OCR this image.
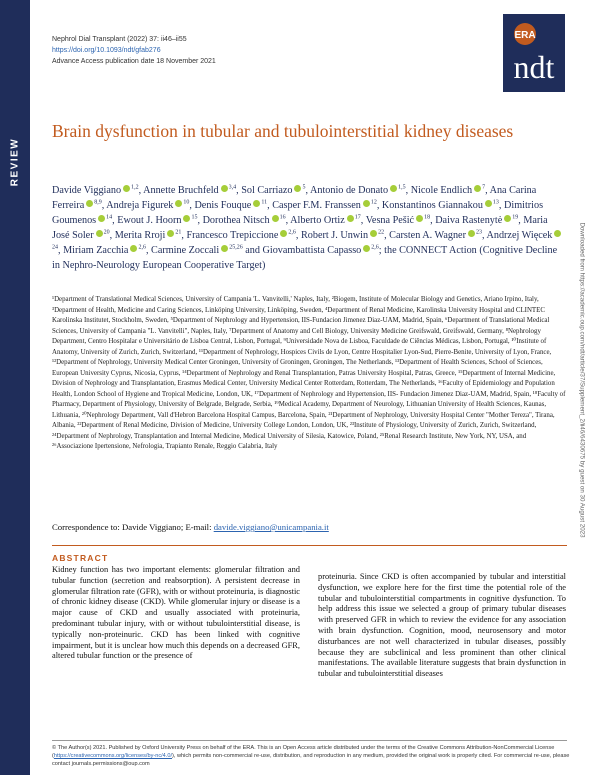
REVIEW
Nephrol Dial Transplant (2022) 37: ii46–ii55
https://doi.org/10.1093/ndt/gfab276
Advance Access publication date 18 November 2021
ERA
ndt
Brain dysfunction in tubular and tubulointerstitial kidney diseases
Davide Viggiano $^{1,2}$, Annette Bruchfeld $^{3,4}$, Sol Carriazo $^5$, Antonio de Donato $^{1,5}$, Nicole Endlich $^7$, Ana Carina Ferreira $^{8,9}$, Andreja Figurek $^{10}$, Denis Fouque $^{11}$, Casper F.M. Franssen $^{12}$, Konstantinos Giannakou $^{13}$, Dimitrios Goumenos $^{14}$, Ewout J. Hoorn $^{15}$, Dorothea Nitsch $^{16}$, Alberto Ortiz $^{17}$, Vesna Pešić $^{18}$, Daiva Rastenytė $^{19}$, Maria José Soler $^{20}$, Merita Rroji $^{21}$, Francesco Trepiccione $^{2,6}$, Robert J. Unwin $^{22}$, Carsten A. Wagner $^{23}$, Andrzej Więcek$^{24}$, Miriam Zacchia $^{2,6}$, Carmine Zoccali $^{25,26}$ and Giovambattista Capasso $^{2,6}$; the CONNECT Action (Cognitive Decline in Nephro-Neurology European Cooperative Target)
¹Department of Translational Medical Sciences, University of Campania 'L. Vanvitelli,' Naples, Italy, ²Biogem, Institute of Molecular Biology and Genetics, Ariano Irpino, Italy, ³Department of Health, Medicine and Caring Sciences, Linköping University, Linköping, Sweden, ⁴Department of Renal Medicine, Karolinska University Hospital and CLINTEC Karolinska Institutet, Stockholm, Sweden, ⁵Department of Nephrology and Hypertension, IIS-Fundacion Jimenez Diaz-UAM, Madrid, Spain, ⁶Department of Translational Medical Sciences, University of Campania "L. Vanvitelli", Naples, Italy, ⁷Department of Anatomy and Cell Biology, University Medicine Greifswald, Greifswald, Germany, ⁸Nephrology Department, Centro Hospitalar e Universitário de Lisboa Central, Lisbon, Portugal, ⁹Universidade Nova de Lisboa, Faculdade de Ciências Médicas, Lisbon, Portugal, ¹⁰Institute of Anatomy, University of Zurich, Zurich, Switzerland, ¹¹Department of Nephrology, Hospices Civils de Lyon, Centre Hospitalier Lyon-Sud, Pierre-Benite, University of Lyon, France, ¹²Department of Nephrology, University Medical Center Groningen, University of Groningen, Groningen, The Netherlands, ¹³Department of Health Sciences, School of Sciences, European University Cyprus, Nicosia, Cyprus, ¹⁴Department of Nephrology and Renal Transplantation, Patras University Hospital, Patras, Greece, ¹⁵Department of Internal Medicine, Division of Nephrology and Transplantation, Erasmus Medical Center, University Medical Center Rotterdam, Rotterdam, The Netherlands, ¹⁶Faculty of Epidemiology and Population Health, London School of Hygiene and Tropical Medicine, London, UK, ¹⁷Department of Nephrology and Hypertension, IIS- Fundacion Jimenez Diaz-UAM, Madrid, Spain, ¹⁸Faculty of Pharmacy, Department of Physiology, University of Belgrade, Belgrade, Serbia, ¹⁹Medical Academy, Department of Neurology, Lithuanian University of Health Sciences, Kaunas, Lithuania, ²⁰Nephrology Department, Vall d'Hebron Barcelona Hospital Campus, Barcelona, Spain, ²¹Department of Nephrology, University Hospital Center "Mother Tereza", Tirana, Albania, ²²Department of Renal Medicine, Division of Medicine, University College London, London, UK, ²³Institute of Physiology, University of Zurich, Zurich, Switzerland, ²⁴Department of Nephrology, Transplantation and Internal Medicine, Medical University of Silesia, Katowice, Poland, ²⁵Renal Research Institute, New York, NY, USA, and ²⁶Associazione Ipertensione, Nefrologia, Trapianto Renale, Reggio Calabria, Italy
Correspondence to: Davide Viggiano; E-mail: davide.viggiano@unicampania.it
ABSTRACT
Kidney function has two important elements: glomerular filtration and tubular function (secretion and reabsorption). A persistent decrease in glomerular filtration rate (GFR), with or without proteinuria, is diagnostic of chronic kidney disease (CKD). While glomerular injury or disease is a major cause of CKD and usually associated with proteinuria, predominant tubular injury, with or without tubulointerstitial disease, is typically non-proteinuric. CKD has been linked with cognitive impairment, but it is unclear how much this depends on a decreased GFR, altered tubular function or the presence of
proteinuria. Since CKD is often accompanied by tubular and interstitial dysfunction, we explore here for the first time the potential role of the tubular and tubulointerstitial compartments in cognitive dysfunction. To help address this issue we selected a group of primary tubular diseases with preserved GFR in which to review the evidence for any association with brain dysfunction. Cognition, mood, neurosensory and motor disturbances are not well characterized in tubular diseases, possibly because they are subclinical and less prominent than other clinical manifestations. The available literature suggests that brain dysfunction in tubular and tubulointerstitial diseases
© The Author(s) 2021. Published by Oxford University Press on behalf of the ERA. This is an Open Access article distributed under the terms of the Creative Commons Attribution-NonCommercial License (https://creativecommons.org/licenses/by-nc/4.0/), which permits non-commercial re-use, distribution, and reproduction in any medium, provided the original work is properly cited. For commercial re-use, please contact journals.permissions@oup.com
Downloaded from https://academic.oup.com/ndt/article/37/Supplement_2/ii46/6430675 by guest on 30 August 2023
